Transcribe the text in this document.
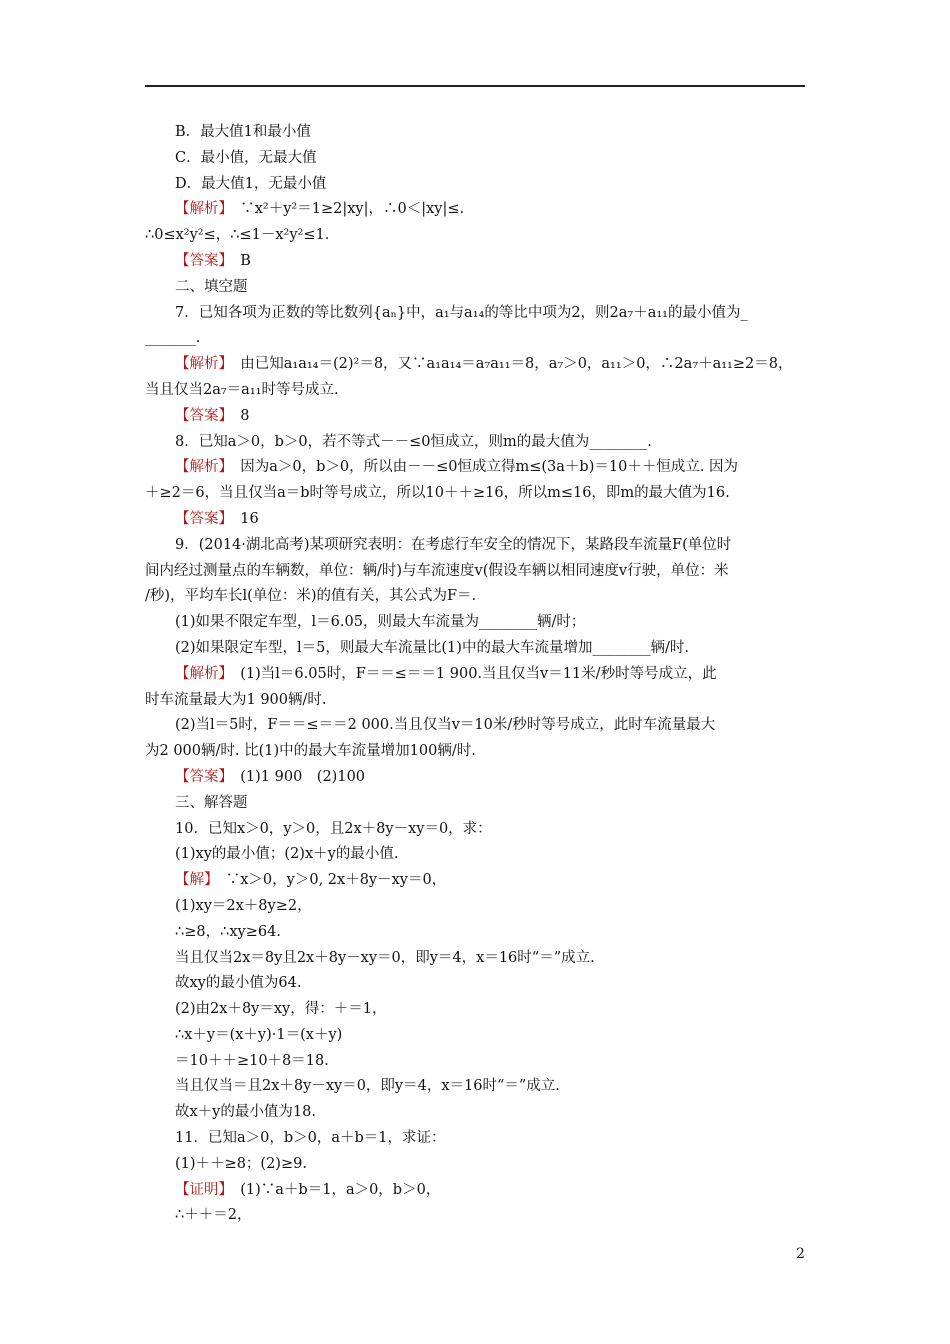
B．最大值1和最小值
C．最小值，无最大值
D．最大值1，无最小值
【解析】　∵x²＋y²＝1≥2|xy|，∴0＜|xy|≤.
∴0≤x²y²≤，∴≤1－x²y²≤1.
【答案】　B
二、填空题
7．已知各项为正数的等比数列{aₙ}中，a₁与a₁₄的等比中项为2，则2a₇＋a₁₁的最小值为_
_______.
【解析】　由已知a₁a₁₄＝(2)²＝8，又∵a₁a₁₄＝a₇a₁₁＝8，a₇＞0，a₁₁＞0，∴2a₇＋a₁₁≥2＝8，
当且仅当2a₇＝a₁₁时等号成立.
【答案】　8
8．已知a＞0，b＞0，若不等式－－≤0恒成立，则m的最大值为________.
【解析】　因为a＞0，b＞0，所以由－－≤0恒成立得m≤(3a＋b)＝10＋＋恒成立. 因为
＋≥2＝6，当且仅当a＝b时等号成立，所以10＋＋≥16，所以m≤16，即m的最大值为16.
【答案】　16
9．(2014·湖北高考)某项研究表明：在考虑行车安全的情况下，某路段车流量F(单位时
间内经过测量点的车辆数，单位：辆/时)与车流速度v(假设车辆以相同速度v行驶，单位：米
/秒)，平均车长l(单位：米)的值有关，其公式为F＝.
(1)如果不限定车型，l＝6.05，则最大车流量为________辆/时；
(2)如果限定车型，l＝5，则最大车流量比(1)中的最大车流量增加________辆/时.
【解析】　(1)当l＝6.05时，F＝＝≤＝＝1 900.当且仅当v＝11米/秒时等号成立，此
时车流量最大为1 900辆/时.
(2)当l＝5时，F＝＝≤＝＝2 000.当且仅当v＝10米/秒时等号成立，此时车流量最大
为2 000辆/时. 比(1)中的最大车流量增加100辆/时.
【答案】　(1)1 900　(2)100
三、解答题
10．已知x＞0，y＞0，且2x＋8y－xy＝0，求：
(1)xy的最小值；(2)x＋y的最小值.
【解】　∵x＞0，y＞0, 2x＋8y－xy＝0，
(1)xy＝2x＋8y≥2，
∴≥8，∴xy≥64.
当且仅当2x＝8y且2x＋8y－xy＝0，即y＝4，x＝16时“＝”成立.
故xy的最小值为64.
(2)由2x＋8y＝xy，得：＋＝1，
∴x＋y＝(x＋y)·1＝(x＋y)
＝10＋＋≥10＋8＝18.
当且仅当＝且2x＋8y－xy＝0，即y＝4，x＝16时“＝”成立.
故x＋y的最小值为18.
11．已知a＞0，b＞0，a＋b＝1，求证：
(1)＋＋≥8；(2)≥9.
【证明】　(1)∵a＋b＝1，a＞0，b＞0，
∴＋＋＝2，
2
